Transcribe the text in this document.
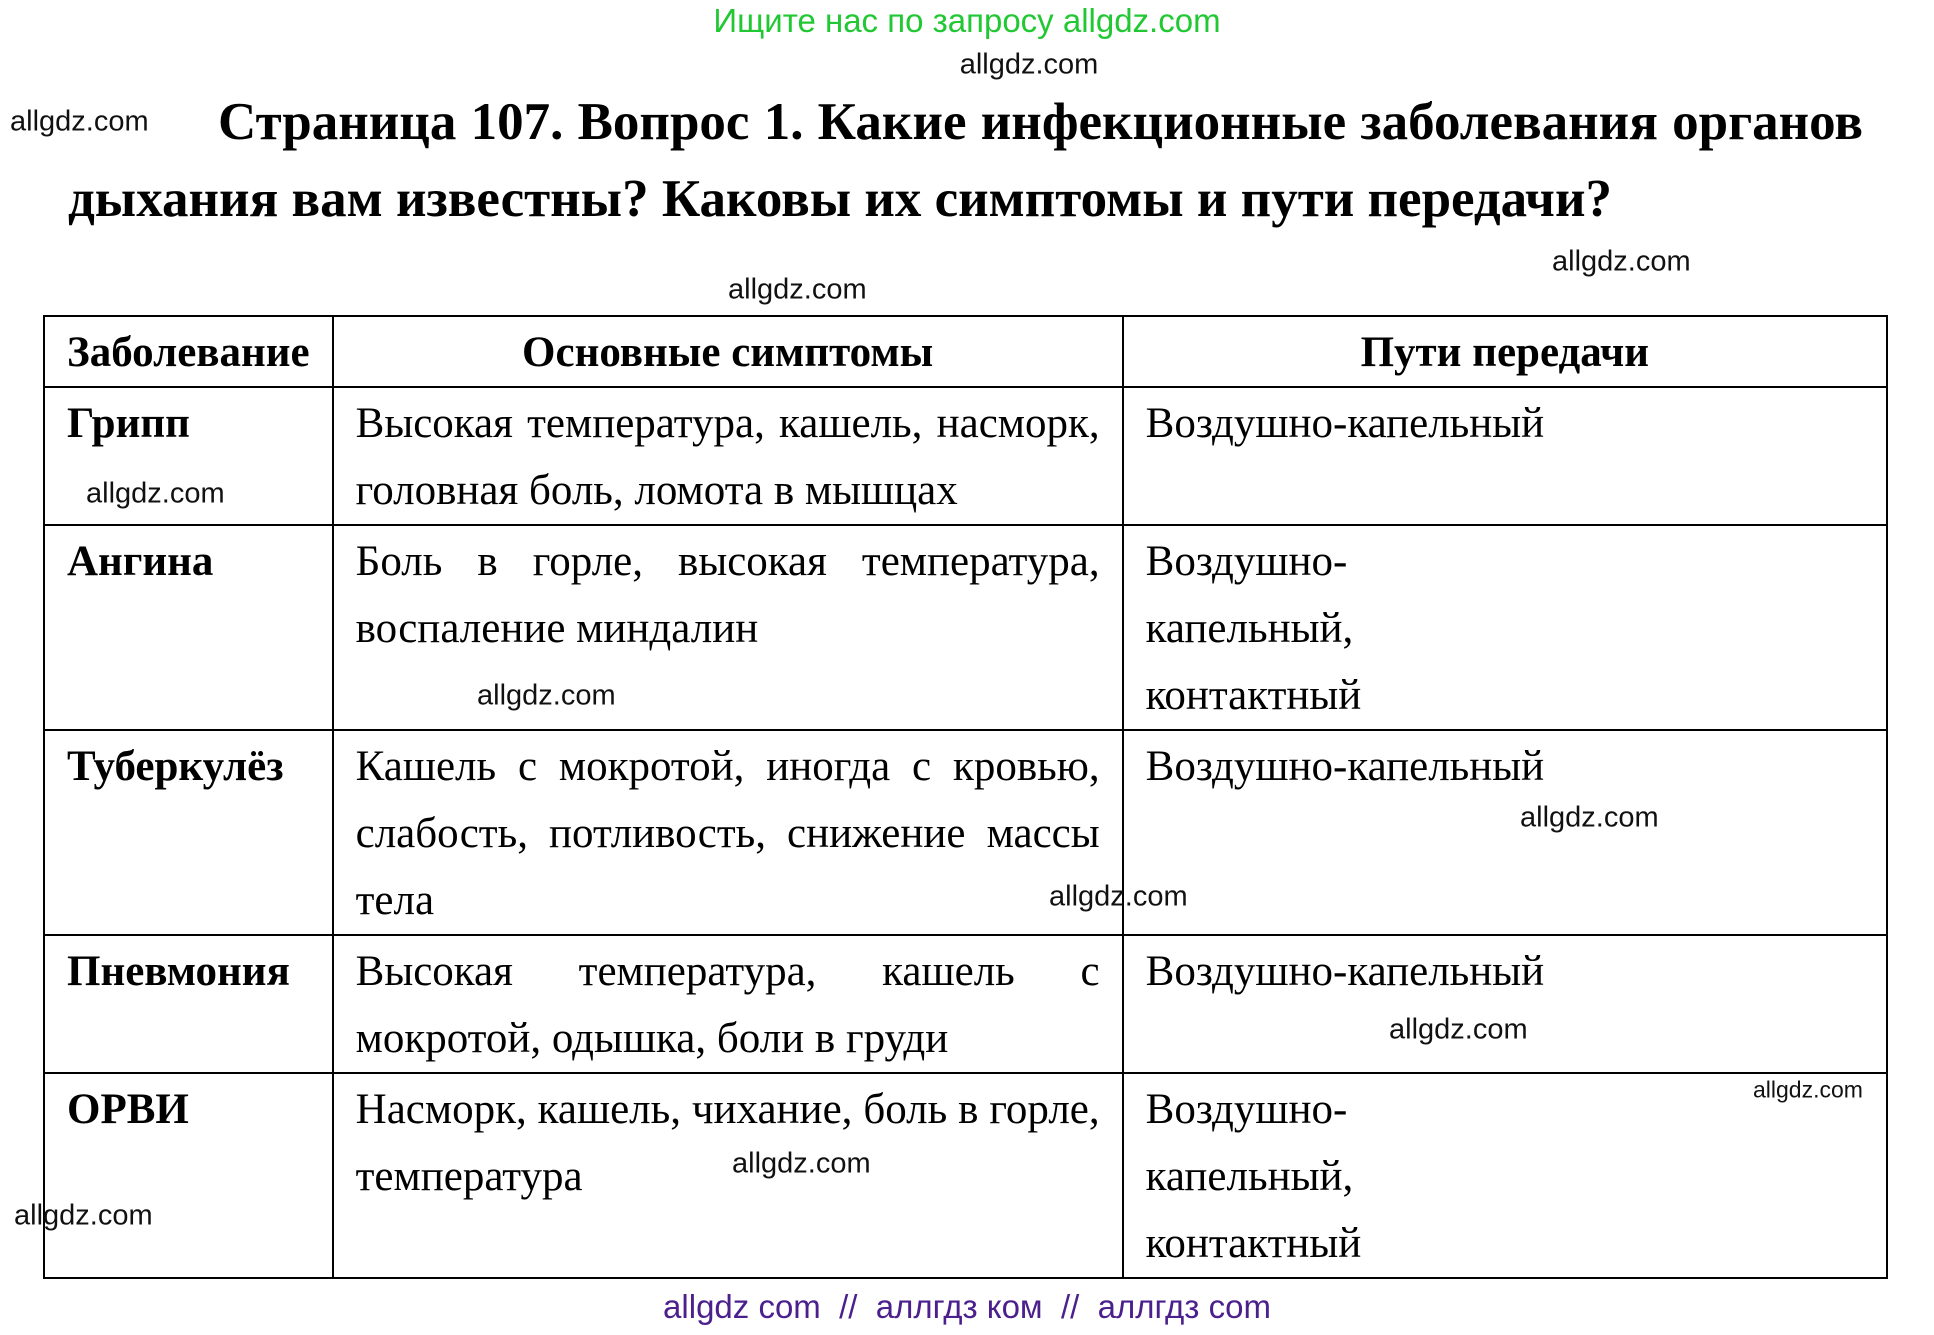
Ищите нас по запросу allgdz.com
Страница 107. Вопрос 1. Какие инфекционные заболевания органов дыхания вам известны? Каковы их симптомы и пути передачи?
Заболевание	Основные симптомы	Пути передачи
Грипп	Высокая температура, кашель, насморк, головная боль, ломота в мышцах	Воздушно-капельный
Ангина	Боль в горле, высокая температура, воспаление миндалин	Воздушно- капельный, контактный

Туберкулёз	Кашель с мокротой, иногда с кровью, слабость, потливость, снижение массы тела	Воздушно-капельный
Пневмония	Высокая температура, кашель с мокротой, одышка, боли в груди	Воздушно-капельный
ОРВИ	Насморк, кашель, чихание, боль в горле, температура	Воздушно- капельный, контактный
allgdz.com
allgdz.com
allgdz.com
allgdz.com
allgdz.com
allgdz.com
allgdz.com
allgdz.com
allgdz.com
allgdz.com
allgdz.com
allgdz.com
allgdz com  //  аллгдз ком  //  аллгдз com
